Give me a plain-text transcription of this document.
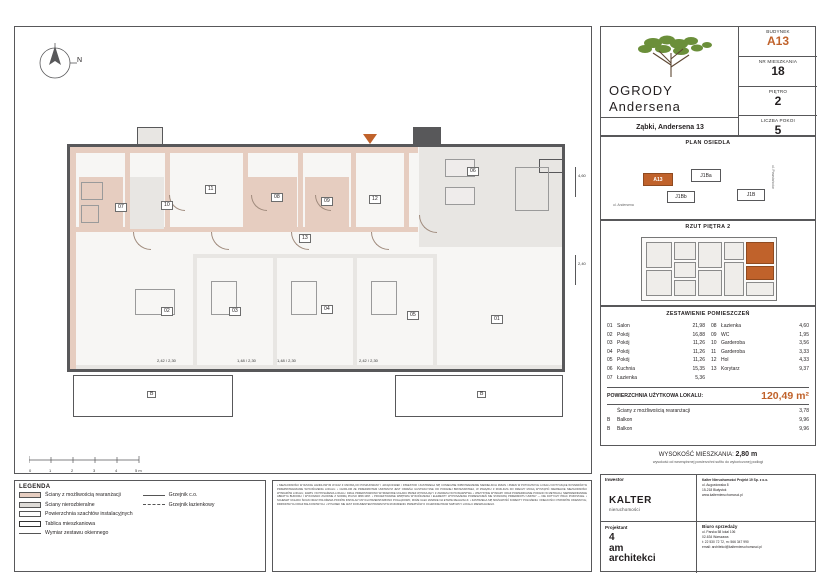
N
4,60
2,40
B	B
2,42 / 2,30	1,48 / 2,30	1,48 / 2,30	2,42 / 2,30
01
02	03	04
05
06
07
08
09
10
11
12
13
0	1	2	3	4	5 m
LEGENDA
Ściany z możliwością rearanżacji
Ściany nierozbieralne
Powierzchnia szachtów instalacyjnych
Tablica mieszkaniowa
Wymiar zestawu okiennego
Grzejnik c.o.
Grzejnik łazienkowy
• NIEZGODNOŚCI W RZUCIE HANDLOWYM W RAZ Z UMOWĄ DO POSZUKIWANY I JAKĄKOLWIEK / INWESTOR I ZASTRZEGA SIĘ CONIECZNE WPROWADZENIE NIEWIELKICH ZMIAN / ZMIEN W POTOCZNYCH LOKALU DOTYCZĄCE WYMIARÓW W PRZEPROWADZANIE WYKOŃCZENIA LOKALU. • CHWILOM ZE PRZEDMIOTEM UMOWNYM JEST OKREŚLI ILUSTRACYJNE OD PODANEJ BROSZUROWEJ, W ZWIĄZKU Z ROZLICZA DO RZECZY MOGĄ WYSTĄPIĆ NIEWIELKIE NIEZGODNOŚCI WYMIARÓW LOKALU, ZAWIS I WYPOSAŻENIA LOKALU. DZIAŁ PRZEDSTAWIONO WYMIAROWE UKŁADU PRZEZ WYNIKAJĄCY Z ZAKRESU WYKONAWSTWA. • WSZYSTKIE WYMIARY ORAZ POWIERZCHNIE PODANO W METRACH, NIEPRZEWIDZIANE ABRATYA BUDOWLI I WYKONANO ZGODNIE Z NORMĄ PN-ISO 9836:1997. • PROJEKTOWANE WNĘTRZA WYKOŃCZENIA I ELEMENTY WYPOSAŻENIA POMIESZCZEŃ NIE STANOWIĄ PRZEDMIOTU UMOWY — NIE DOTYCZY PRAC POZOSTAŁE. • SCHEMAT UKŁADU ŚCIAN ORAZ POŁOŻENIA PIONÓW INSTALACYJNYCH PRZEDSTAWIONO POGLĄDOWO, MOŻE ULEC ZMIANIE NA ETAPIE REALIZACJI. • ZASTRZEGA SIĘ MOŻLIWOŚĆ KOREKTY POŁOŻENIA I WIELKOŚCI OTWORÓW OKIENNYCH, DRZWIOWYCH ORAZ BALKONOWYCH. • RYSUNEK NIE JEST DOKUMENTEM PRAWNYM W ROZUMIENIU PRZEPISÓW O OCHRONIE PRAW NABYWCY LOKALU MIESZKALNEGO.
OGRODY
Andersena
Ząbki, Andersena 13
BUDYNEK
A13
NR MIESZKANIA
18
PIĘTRO
2
LICZBA POKOI
5
PLAN OSIEDLA
A13
J1Ba
J1Bb	J1B
ul. Andersena
ul. Powstańców
RZUT PIĘTRA 2
ZESTAWIENIE POMIESZCZEŃ
01 Salon	21,98
02 Pokój	16,88
03 Pokój	11,26
04 Pokój	11,26
05 Pokój	11,26
06 Kuchnia	15,35
07 Łazienka	5,36
08 Łazienka	4,60
09 WC	1,95
10 Garderoba	3,56
11 Garderoba	3,33
12 Hol	4,33
13 Korytarz	9,37
POWIERZCHNIA UŻYTKOWA LOKALU:	120,49 m²
Ściany z możliwością rearanżacji	3,78
B	Balkon	9,96
B	Balkon	9,96
WYSOKOŚĆ MIESZKANIA: 2,80 m
wysokość od wewnętrznej powierzchni sufitu do wykończonej podłogi
Inwestor
KALTER
nieruchomości
Projektant
4
am
architekci
Kalter Nieruchomości Projekt 19 Sp. z o.o.
ul. Augustowska 8
15-218 Białystok
www.kalternieruchomosci.pl
Biuro sprzedaży
ul. Parska 58 lokal 106
02-634 Warszawa
t: 22 530 72 72, m: 566 347 990
email: architekci@kalternieruchomosci.pl
